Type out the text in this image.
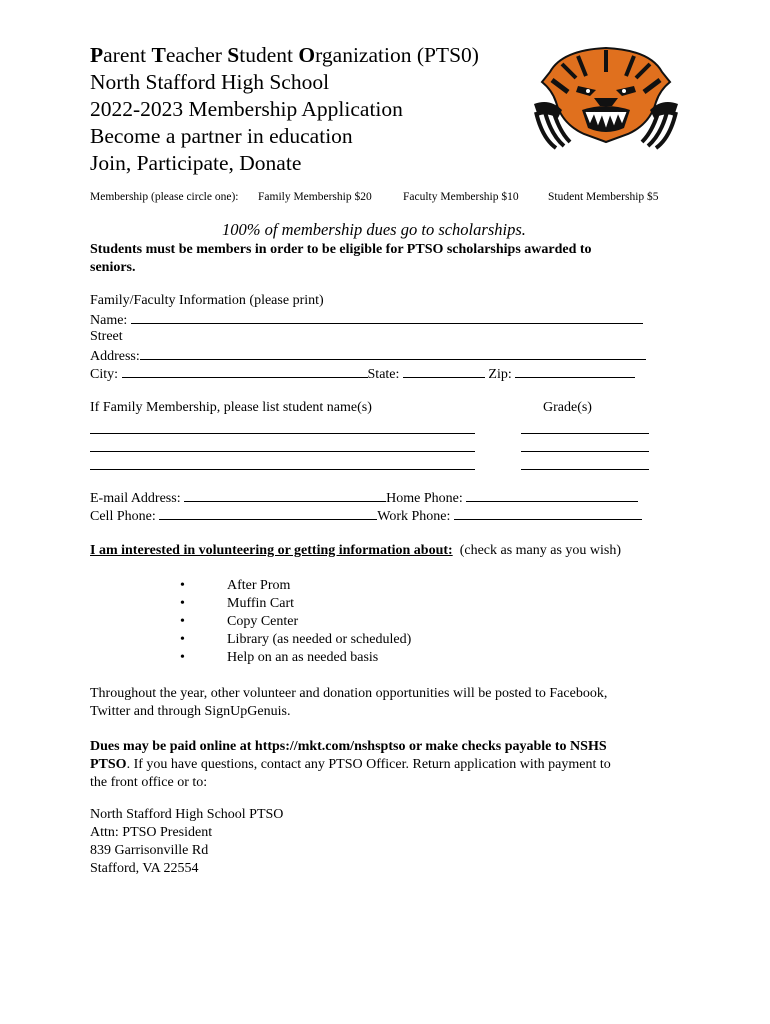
Parent Teacher Student Organization (PTS0)
North Stafford High School
2022-2023 Membership Application
Become a partner in education
Join, Participate, Donate
Membership (please circle one): Family Membership $20	Faculty Membership $10	Student Membership $5
100% of membership dues go to scholarships.
Students must be members in order to be eligible for PTSO scholarships awarded to
seniors.
Family/Faculty Information (please print)
Name:
Street
Address:
City:	State:	Zip:
If Family Membership, please list student name(s)	Grade(s)
E-mail Address:	Home Phone:
Cell Phone:	Work Phone:
I am interested in volunteering or getting information about: (check as many as you wish)
• After Prom
• Muffin Cart
• Copy Center
• Library (as needed or scheduled)
• Help on an as needed basis
Throughout the year, other volunteer and donation opportunities will be posted to Facebook,
Twitter and through SignUpGenuis.
Dues may be paid online at https://mkt.com/nshsptso or make checks payable to NSHS
PTSO. If you have questions, contact any PTSO Officer. Return application with payment to
the front office or to:
North Stafford High School PTSO
Attn: PTSO President
839 Garrisonville Rd
Stafford, VA 22554
